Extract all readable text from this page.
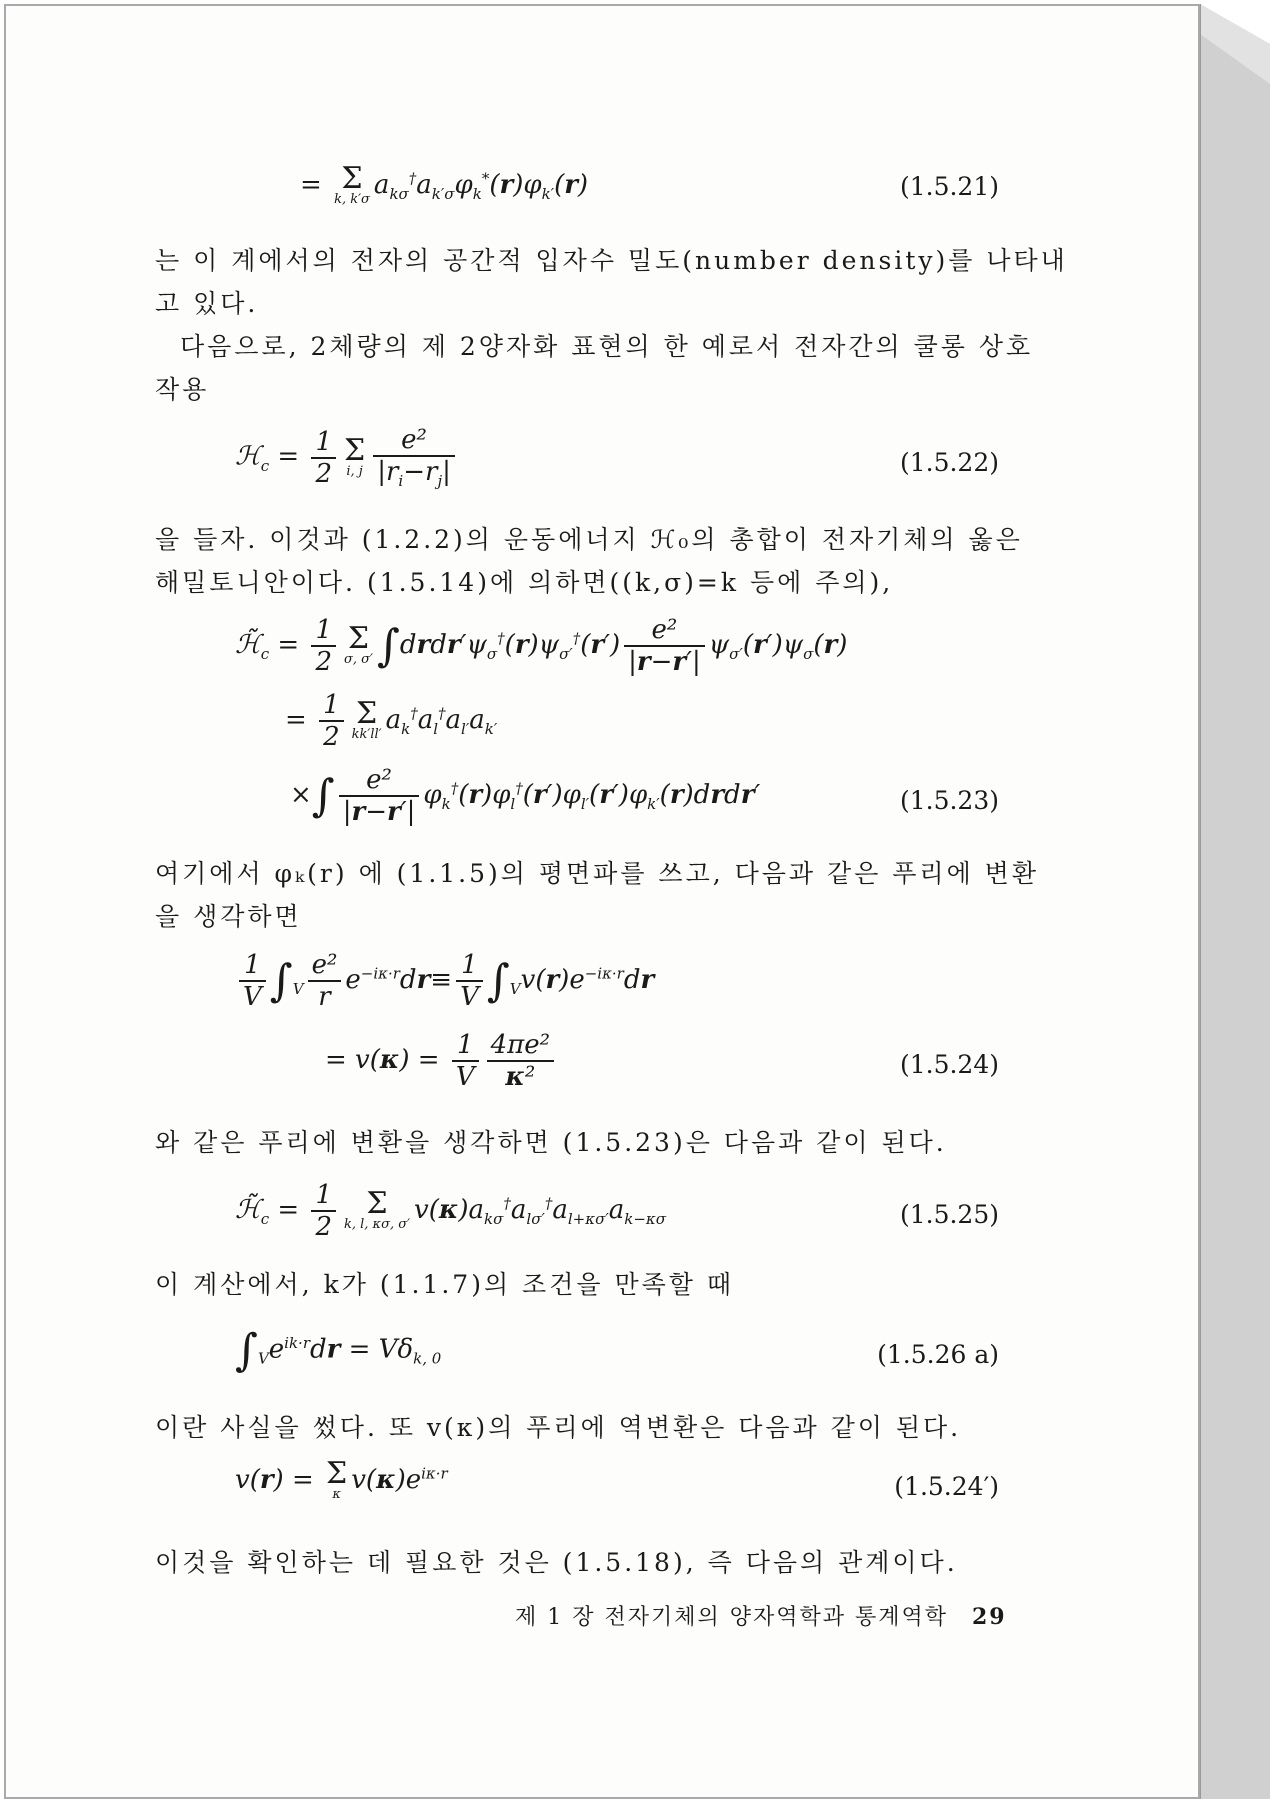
= Σ
k, k′σ $a_{k\sigma}^\dagger a_{k'\sigma}\varphi_k^*(r)\varphi_{k'}(r)$	(1.5.21)
는 이 계에서의 전자의 공간적 입자수 밀도(number density)를 나타내
고 있다.
다음으로, 2체량의 제 2양자화 표현의 한 예로서 전자간의 쿨롱 상호
작용
ℋ$_c$ = $\frac{1}{2}$ Σ
i, j $\frac{\text{e²}}{|r_i-r_j|}$	(1.5.22)
을 들자. 이것과 (1.2.2)의 운동에너지 ℋ₀의 총합이 전자기체의 옳은
해밀토니안이다. (1.5.14)에 의하면((k,σ)=k 등에 주의),
$ℋ̃_c = \frac{1}{2}$ Σ
σ, σ′ $\int drdr'\psi_\sigma^\dagger(r)\psi_{\sigma'}^\dagger(r') \frac{\text{e²}}{|r-r'|} \psi_{\sigma'}(r')\psi_\sigma(r)$
= $\frac{1}{2}$ Σ
kk′ll′ $a_k^\dagger a_l^\dagger a_{l'}a_{k'}$
×∫ $\frac{\text{e²}}{|r-r'|}$ $\varphi_k^\dagger(r)\varphi_l^\dagger(r')\varphi_{l'}(r')\varphi_{k'}(r)drdr'$	(1.5.23)
여기에서 φₖ(r) 에 (1.1.5)의 평면파를 쓰고, 다음과 같은 푸리에 변환
을 생각하면
$\frac{1}{V} \int_V \frac{\text{e²}}{r} e^{-i\kappa\cdot r}dr\equiv \frac{1}{V} \int_Vv(r)e^{-i\kappa\cdot r}dr$
= $v(\kappa) = \frac{1}{V} \frac{\text{4πe²}}{\text{κ²}}$	(1.5.24)
와 같은 푸리에 변환을 생각하면 (1.5.23)은 다음과 같이 된다.
$ℋ̃_c = \frac{1}{2}$	Σ
k, l, κσ, σ′ $v(\kappa)a_{k\sigma}^\dagger a_{l\sigma'}^\dagger a_{l+\kappa\sigma'}a_{k-\kappa\sigma}$	(1.5.25)
이 계산에서, k가 (1.1.7)의 조건을 만족할 때
$\int_Ve^{ik\cdot r}dr = V\delta_{k, 0}$	(1.5.26 a)
이란 사실을 썼다. 또 v(κ)의 푸리에 역변환은 다음과 같이 된다.
v(r) = Σ
κ $v(\kappa)e^{i\kappa\cdot r}$	(1.5.24′)
이것을 확인하는 데 필요한 것은 (1.5.18), 즉 다음의 관계이다.
제 1 장 전자기체의 양자역학과 통계역학 29
